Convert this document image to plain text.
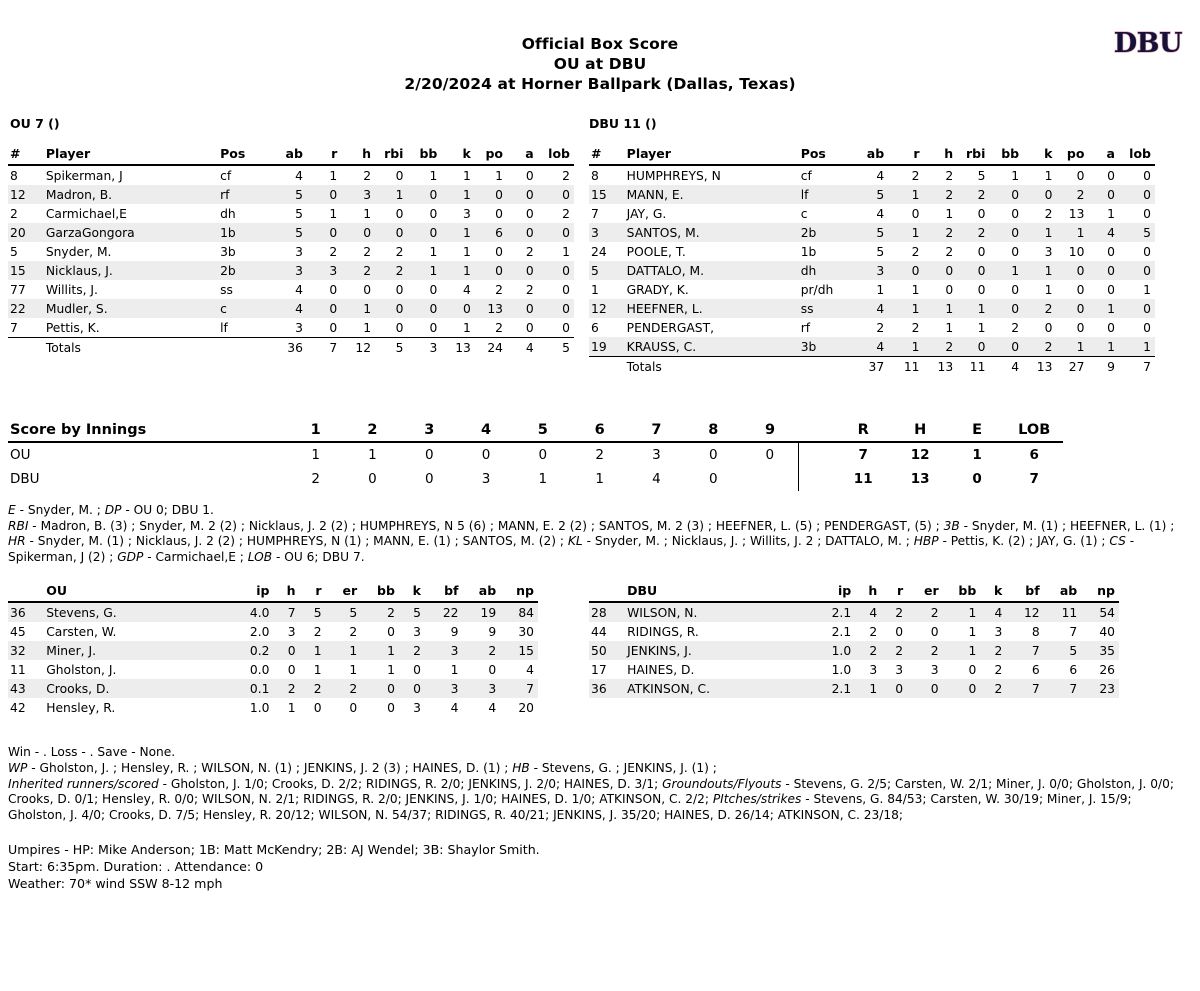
Official Box Score
OU at DBU
2/20/2024 at Horner Ballpark (Dallas, Texas)
DBU
OU 7 ()	DBU 11 ()
#	Player	Pos	ab	r	h	rbi	bb	k	po	a	lob
8	Spikerman, J	cf	4	1	2	0	1	1	1	0	2
12	Madron, B.	rf	5	0	3	1	0	1	0	0	0
2	Carmichael,E	dh	5	1	1	0	0	3	0	0	2
20	GarzaGongora	1b	5	0	0	0	0	1	6	0	0
5	Snyder, M.	3b	3	2	2	2	1	1	0	2	1
15	Nicklaus, J.	2b	3	3	2	2	1	1	0	0	0
77	Willits, J.	ss	4	0	0	0	0	4	2	2	0
22	Mudler, S.	c	4	0	1	0	0	0	13	0	0
7	Pettis, K.	lf	3	0	1	0	0	1	2	0	0
	Totals		36	7	12	5	3	13	24	4	5
#	Player	Pos	ab	r	h	rbi	bb	k	po	a	lob
8	HUMPHREYS, N	cf	4	2	2	5	1	1	0	0	0
15	MANN, E.	lf	5	1	2	2	0	0	2	0	0
7	JAY, G.	c	4	0	1	0	0	2	13	1	0
3	SANTOS, M.	2b	5	1	2	2	0	1	1	4	5
24	POOLE, T.	1b	5	2	2	0	0	3	10	0	0
5	DATTALO, M.	dh	3	0	0	0	1	1	0	0	0
1	GRADY, K.	pr/dh	1	1	0	0	0	1	0	0	1
12	HEEFNER, L.	ss	4	1	1	1	0	2	0	1	0
6	PENDERGAST,	rf	2	2	1	1	2	0	0	0	0
19	KRAUSS, C.	3b	4	1	2	0	0	2	1	1	1
	Totals		37	11	13	11	4	13	27	9	7
Score by Innings	1	2	3	4	5	6	7	8	9			R	H	E	LOB
OU	1	1	0	0	0	2	3	0	0			7	12	1	6
DBU	2	0	0	3	1	1	4	0				11	13	0	7

E - Snyder, M. ; DP - OU 0; DBU 1.

RBI - Madron, B. (3) ; Snyder, M. 2 (2) ; Nicklaus, J. 2 (2) ; HUMPHREYS, N 5 (6) ; MANN, E. 2 (2) ; SANTOS, M. 2 (3) ; HEEFNER, L. (5) ; PENDERGAST, (5) ; 3B - Snyder, M. (1) ; HEEFNER, L. (1) ; HR - Snyder, M. (1) ; Nicklaus, J. 2 (2) ; HUMPHREYS, N (1) ; MANN, E. (1) ; SANTOS, M. (2) ; KL - Snyder, M. ; Nicklaus, J. ; Willits, J. 2 ; DATTALO, M. ; HBP - Pettis, K. (2) ; JAY, G. (1) ; CS - Spikerman, J (2) ; GDP - Carmichael,E ; LOB - OU 6; DBU 7.

	OU	ip	h	r	er	bb	k	bf	ab	np
36	Stevens, G.	4.0	7	5	5	2	5	22	19	84
45	Carsten, W.	2.0	3	2	2	0	3	9	9	30
32	Miner, J.	0.2	0	1	1	1	2	3	2	15
11	Gholston, J.	0.0	0	1	1	1	0	1	0	4
43	Crooks, D.	0.1	2	2	2	0	0	3	3	7
42	Hensley, R.	1.0	1	0	0	0	3	4	4	20
	DBU	ip	h	r	er	bb	k	bf	ab	np
28	WILSON, N.	2.1	4	2	2	1	4	12	11	54
44	RIDINGS, R.	2.1	2	0	0	1	3	8	7	40
50	JENKINS, J.	1.0	2	2	2	1	2	7	5	35
17	HAINES, D.	1.0	3	3	3	0	2	6	6	26
36	ATKINSON, C.	2.1	1	0	0	0	2	7	7	23

Win - . Loss - . Save - None.

WP - Gholston, J. ; Hensley, R. ; WILSON, N. (1) ; JENKINS, J. 2 (3) ; HAINES, D. (1) ; HB - Stevens, G. ; JENKINS, J. (1) ;

Inherited runners/scored - Gholston, J. 1/0; Crooks, D. 2/2; RIDINGS, R. 2/0; JENKINS, J. 2/0; HAINES, D. 3/1; Groundouts/Flyouts - Stevens, G. 2/5; Carsten, W. 2/1; Miner, J. 0/0; Gholston, J. 0/0; Crooks, D. 0/1; Hensley, R. 0/0; WILSON, N. 2/1; RIDINGS, R. 2/0; JENKINS, J. 1/0; HAINES, D. 1/0; ATKINSON, C. 2/2; PItches/strikes - Stevens, G. 84/53; Carsten, W. 30/19; Miner, J. 15/9; Gholston, J. 4/0; Crooks, D. 7/5; Hensley, R. 20/12; WILSON, N. 54/37; RIDINGS, R. 40/21; JENKINS, J. 35/20; HAINES, D. 26/14; ATKINSON, C. 23/18;

Umpires - HP: Mike Anderson; 1B: Matt McKendry; 2B: AJ Wendel; 3B: Shaylor Smith.

Start: 6:35pm. Duration: . Attendance: 0

Weather: 70* wind SSW 8-12 mph
